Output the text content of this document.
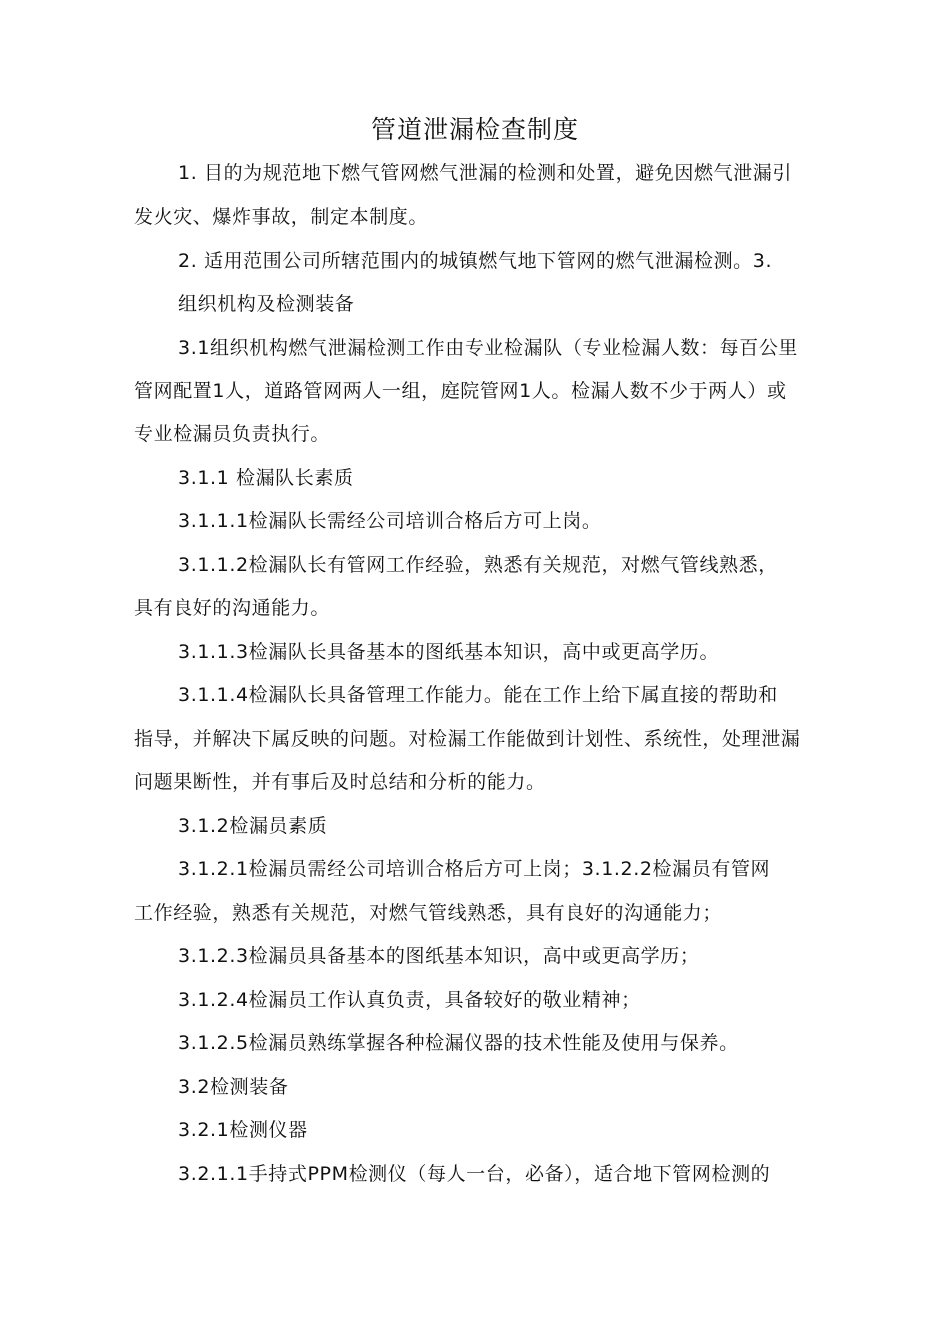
管道泄漏检查制度
1. 目的为规范地下燃气管网燃气泄漏的检测和处置，避免因燃气泄漏引
发火灾、爆炸事故，制定本制度。
2. 适用范围公司所辖范围内的城镇燃气地下管网的燃气泄漏检测。3.
组织机构及检测装备
3.1组织机构燃气泄漏检测工作由专业检漏队（专业检漏人数：每百公里
管网配置1人，道路管网两人一组，庭院管网1人。检漏人数不少于两人）或
专业检漏员负责执行。
3.1.1 检漏队长素质
3.1.1.1检漏队长需经公司培训合格后方可上岗。
3.1.1.2检漏队长有管网工作经验，熟悉有关规范，对燃气管线熟悉，
具有良好的沟通能力。
3.1.1.3检漏队长具备基本的图纸基本知识，高中或更高学历。
3.1.1.4检漏队长具备管理工作能力。能在工作上给下属直接的帮助和
指导，并解决下属反映的问题。对检漏工作能做到计划性、系统性，处理泄漏
问题果断性，并有事后及时总结和分析的能力。
3.1.2检漏员素质
3.1.2.1检漏员需经公司培训合格后方可上岗；3.1.2.2检漏员有管网
工作经验，熟悉有关规范，对燃气管线熟悉，具有良好的沟通能力；
3.1.2.3检漏员具备基本的图纸基本知识，高中或更高学历；
3.1.2.4检漏员工作认真负责，具备较好的敬业精神；
3.1.2.5检漏员熟练掌握各种检漏仪器的技术性能及使用与保养。
3.2检测装备
3.2.1检测仪器
3.2.1.1手持式PPM检测仪（每人一台，必备），适合地下管网检测的
